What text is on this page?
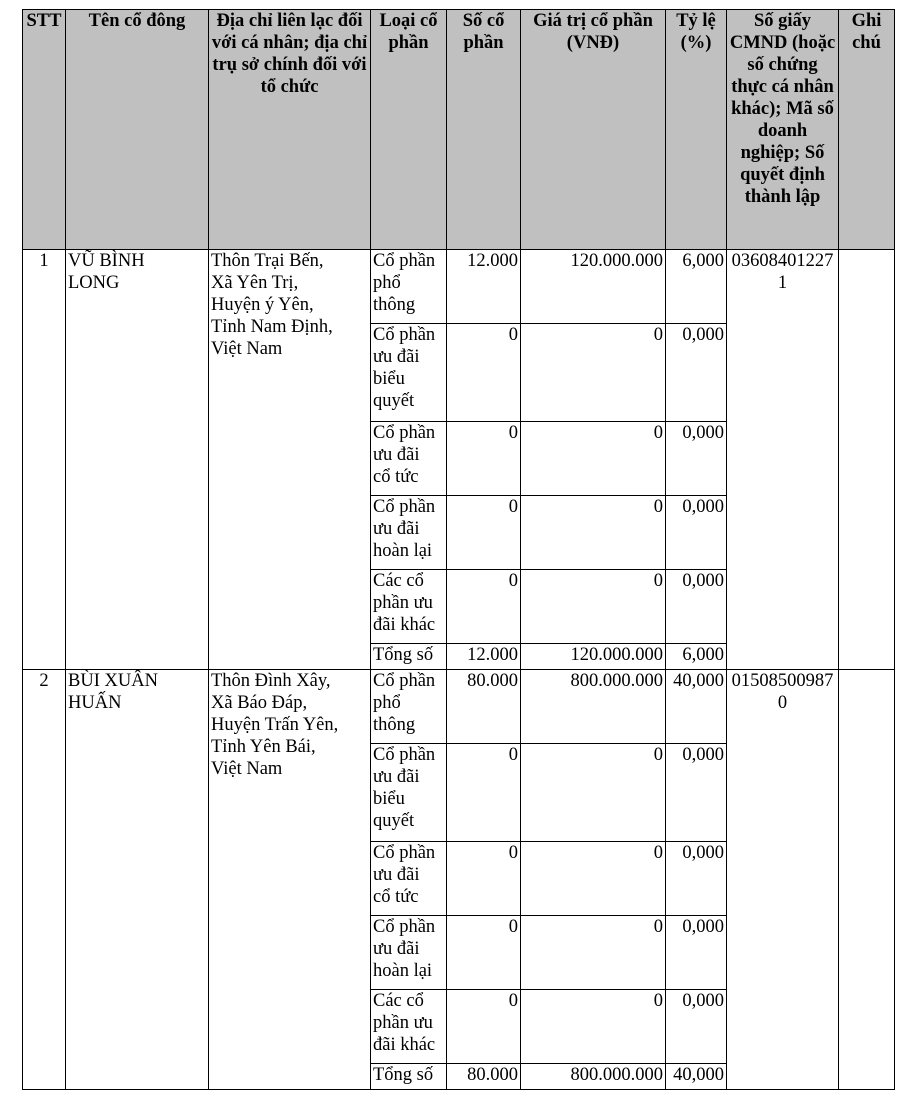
STT	Tên cổ đông	Địa chỉ liên lạc đối với cá nhân; địa chỉ trụ sở chính đối với tổ chức	Loại cổ phần	Số cổ phần	Giá trị cổ phần (VNĐ)	Tỷ lệ (%)	Số giấy CMND (hoặc số chứng thực cá nhân khác); Mã số doanh nghiệp; Số quyết định thành lập	Ghi chú
1	VŨ BÌNH
LONG	Thôn Trại Bến,
Xã Yên Trị,
Huyện ý Yên,
Tỉnh Nam Định,
Việt Nam	Cổ phần
phổ
thông	12.000	120.000.000	6,000	036084012271	
			Cổ phần
ưu đãi
biểu
quyết	0	0	0,000		
			Cổ phần
ưu đãi
cổ tức	0	0	0,000		
			Cổ phần
ưu đãi
hoàn lại	0	0	0,000		
			Các cổ
phần ưu
đãi khác	0	0	0,000		
			Tổng số	12.000	120.000.000	6,000		
2	BÙI XUÂN
HUẤN	Thôn Đình Xây,
Xã Báo Đáp,
Huyện Trấn Yên,
Tỉnh Yên Bái,
Việt Nam	Cổ phần
phổ
thông	80.000	800.000.000	40,000	015085009870	
			Cổ phần
ưu đãi
biểu
quyết	0	0	0,000		
			Cổ phần
ưu đãi
cổ tức	0	0	0,000		
			Cổ phần
ưu đãi
hoàn lại	0	0	0,000		
			Các cổ
phần ưu
đãi khác	0	0	0,000		
			Tổng số	80.000	800.000.000	40,000		
